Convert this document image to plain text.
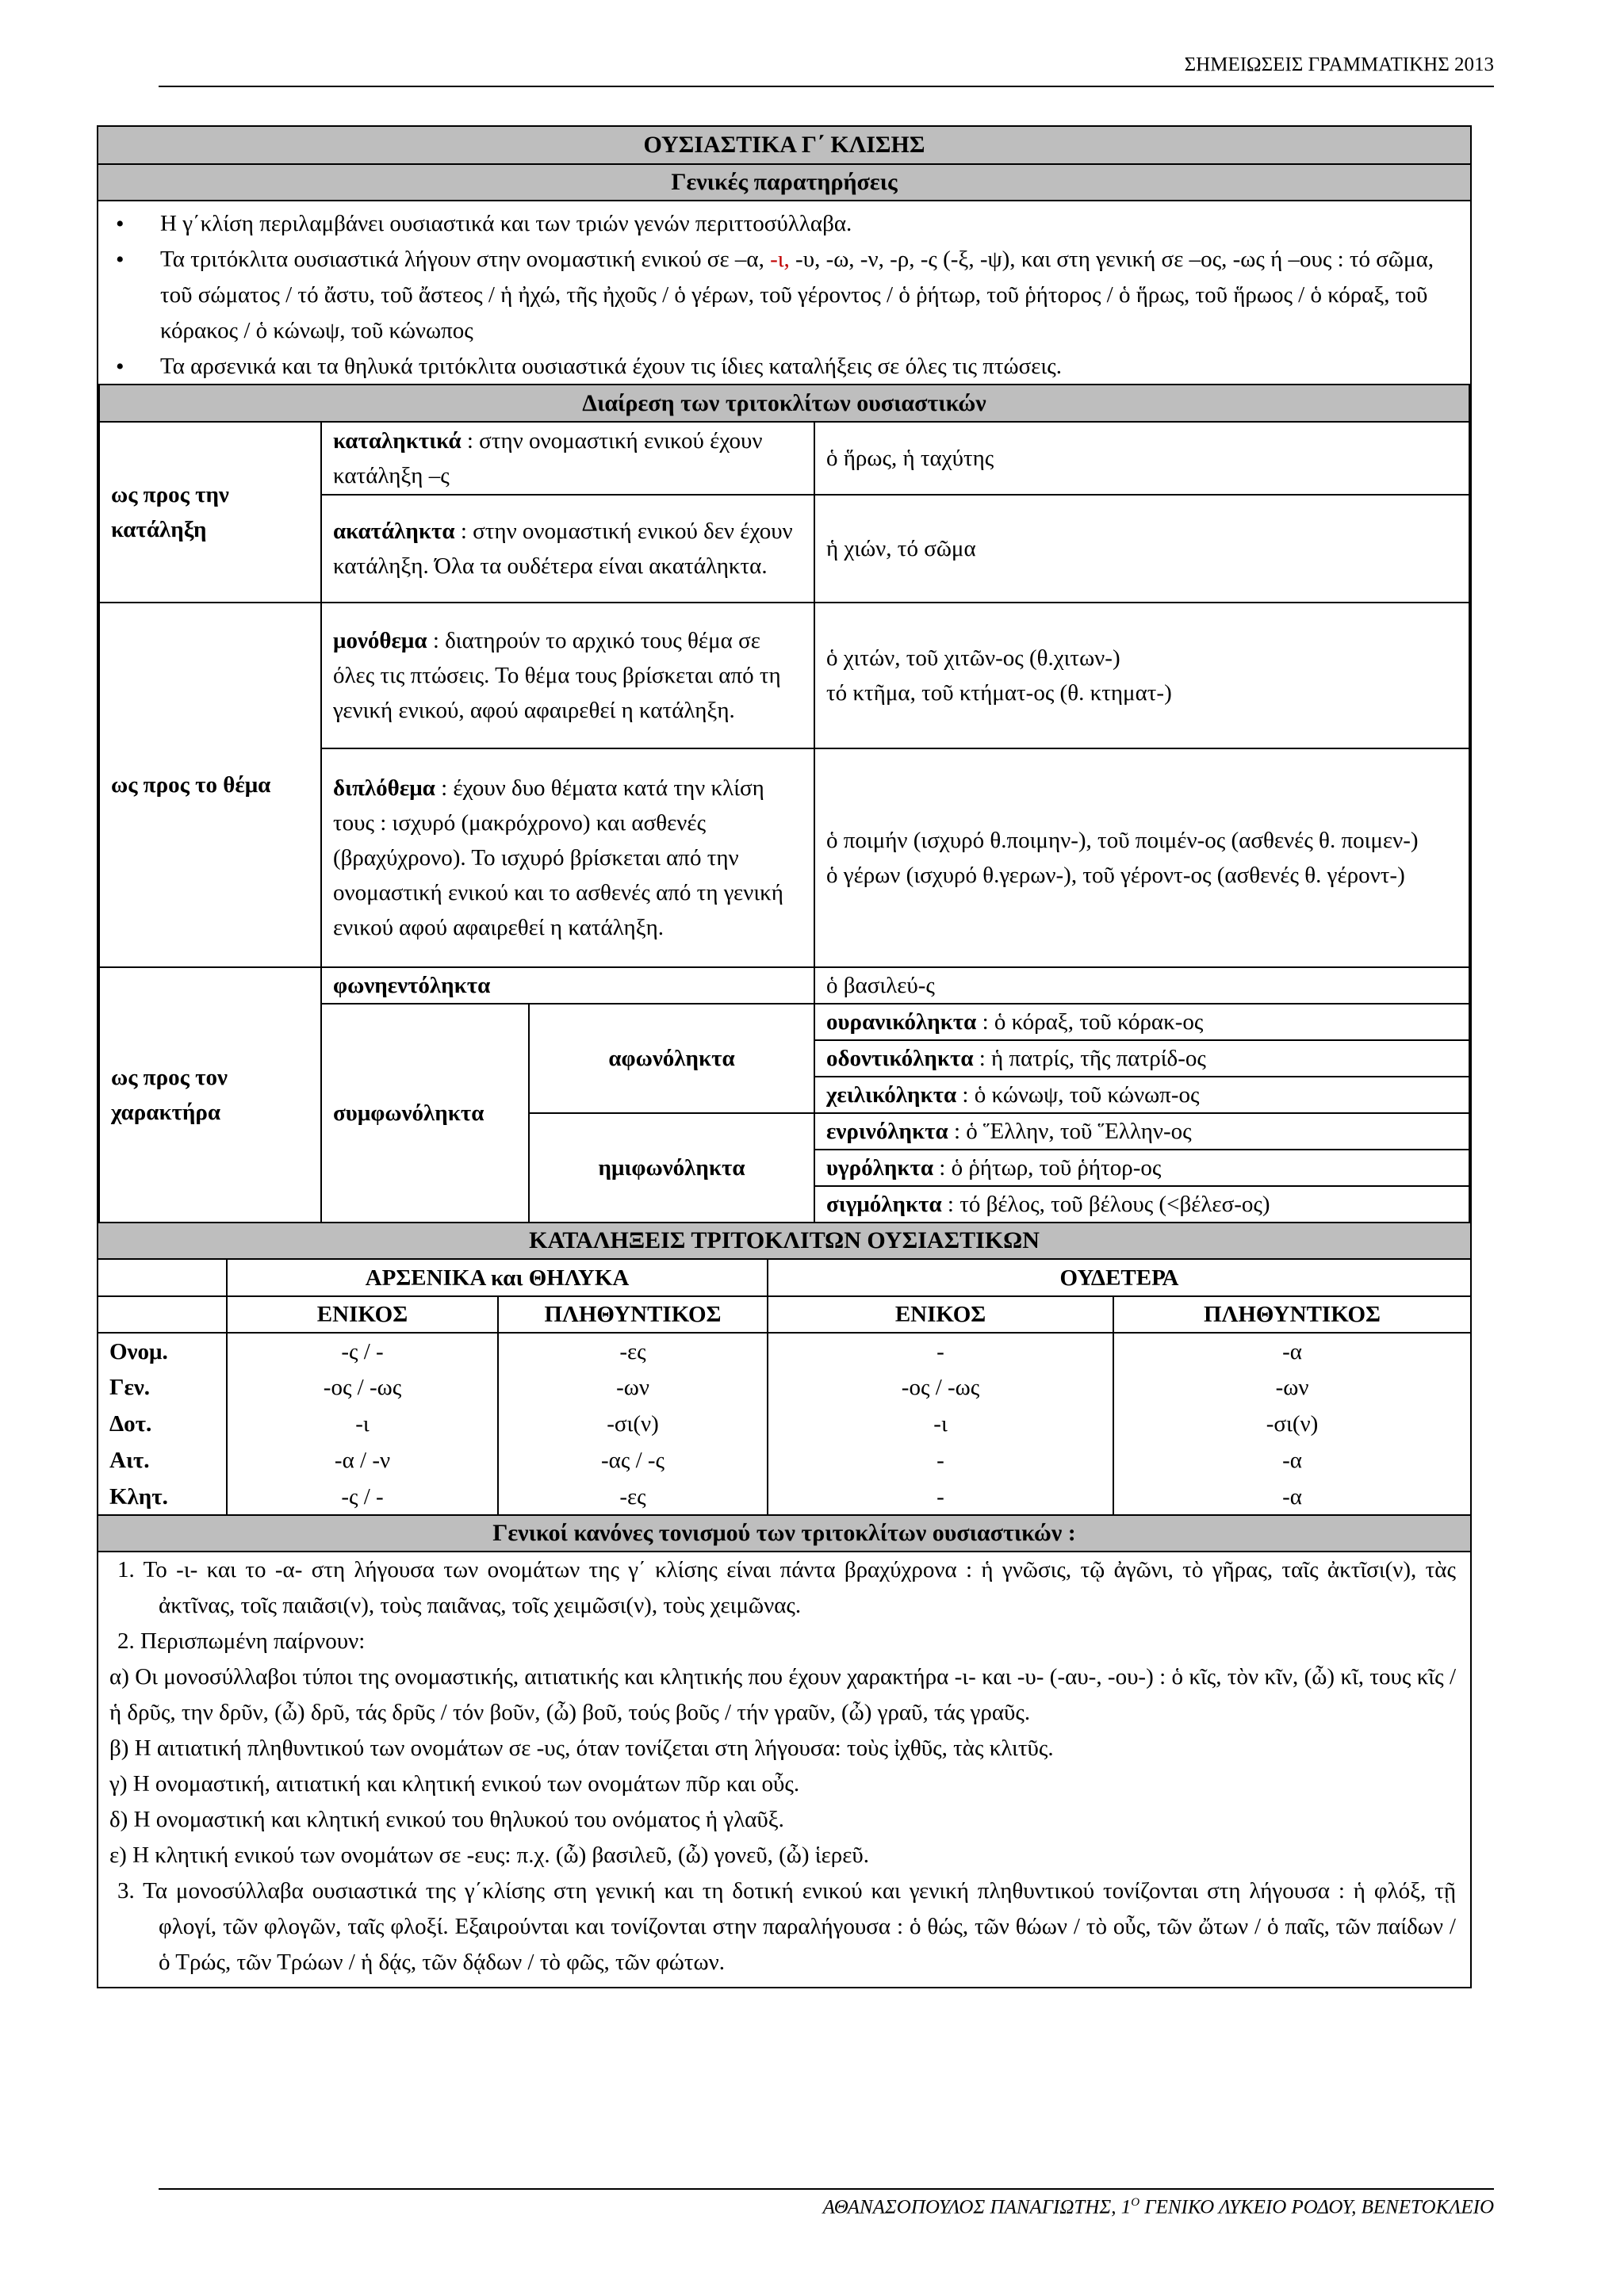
ΣΗΜΕΙΩΣΕΙΣ ΓΡΑΜΜΑΤΙΚΗΣ 2013
ΟΥΣΙΑΣΤΙΚΑ Γ΄ ΚΛΙΣΗΣ
Γενικές παρατηρήσεις
• Η γ΄κλίση περιλαμβάνει ουσιαστικά και των τριών γενών περιττοσύλλαβα.
• Τα τριτόκλιτα ουσιαστικά λήγουν στην ονομαστική ενικού σε –α, -ι, -υ, -ω, -ν, -ρ, -ς (-ξ, -ψ), και στη γενική σε –ος, -ως ή –ους : τό σῶμα, τοῦ σώματος / τό ἄστυ, τοῦ ἄστεος / ἡ ἠχώ, τῆς ἠχοῦς / ὁ γέρων, τοῦ γέροντος / ὁ ῥήτωρ, τοῦ ῥήτορος / ὁ ἥρως, τοῦ ἥρωος / ὁ κόραξ, τοῦ κόρακος / ὁ κώνωψ, τοῦ κώνωπος
• Τα αρσενικά και τα θηλυκά τριτόκλιτα ουσιαστικά έχουν τις ίδιες καταλήξεις σε όλες τις πτώσεις.
Διαίρεση των τριτοκλίτων ουσιαστικών			
ως προς την κατάληξη	καταληκτικά : στην ονομαστική ενικού έχουν κατάληξη –ς		ὁ ἥρως, ἡ ταχύτης
	ακατάληκτα : στην ονομαστική ενικού δεν έχουν κατάληξη. Όλα τα ουδέτερα είναι ακατάληκτα.		ἡ χιών, τό σῶμα
ως προς το θέμα	μονόθεμα : διατηρούν το αρχικό τους θέμα σε όλες τις πτώσεις. Το θέμα τους βρίσκεται από τη γενική ενικού, αφού αφαιρεθεί η κατάληξη.		ὁ χιτών, τοῦ χιτῶν-ος (θ.χιτων-)
τό κτῆμα, τοῦ κτήματ-ος (θ. κτηματ-)

	διπλόθεμα : έχουν δυο θέματα κατά την κλίση τους : ισχυρό (μακρόχρονο) και ασθενές (βραχύχρονο). Το ισχυρό βρίσκεται από την ονομαστική ενικού και το ασθενές από τη γενική ενικού αφού αφαιρεθεί η κατάληξη.		ὁ ποιμήν (ισχυρό θ.ποιμην-), τοῦ ποιμέν-ος (ασθενές θ. ποιμεν-)
ὁ γέρων (ισχυρό θ.γερων-), τοῦ γέροντ-ος (ασθενές θ. γέροντ-)

ως προς τον χαρακτήρα	φωνηεντόληκτα		ὁ βασιλεύ-ς
	συμφωνόληκτα	αφωνόληκτα	ουρανικόληκτα : ὁ κόραξ, τοῦ κόρακ-ος
			οδοντικόληκτα : ἡ πατρίς, τῆς πατρίδ-ος
			χειλικόληκτα : ὁ κώνωψ, τοῦ κώνωπ-ος
		ημιφωνόληκτα	ενρινόληκτα : ὁ Ἕλλην, τοῦ Ἕλλην-ος
			υγρόληκτα : ὁ ῥήτωρ, τοῦ ῥήτορ-ος
			σιγμόληκτα : τό βέλος, τοῦ βέλους (<βέλεσ-ος)
ΚΑΤΑΛΗΞΕΙΣ ΤΡΙΤΟΚΛΙΤΩΝ ΟΥΣΙΑΣΤΙΚΩΝ
	ΑΡΣΕΝΙΚΑ και ΘΗΛΥΚΑ		ΟΥΔΕΤΕΡΑ	
	ΕΝΙΚΟΣ	ΠΛΗΘΥΝΤΙΚΟΣ	ΕΝΙΚΟΣ	ΠΛΗΘΥΝΤΙΚΟΣ
Ονομ.	-ς / -	-ες	-	-α
Γεν.	-ος / -ως	-ων	-ος / -ως	-ων
Δοτ.	-ι	-σι(ν)	-ι	-σι(ν)
Αιτ.	-α / -ν	-ας / -ς	-	-α
Κλητ.	-ς / -	-ες	-	-α
Γενικοί κανόνες τονισμού των τριτοκλίτων ουσιαστικών :

1. Το -ι- και το -α- στη λήγουσα των ονομάτων της γ΄ κλίσης είναι πάντα βραχύχρονα : ἡ γνῶσις, τῷ ἀγῶνι, τὸ γῆρας, ταῖς ἀκτῖσι(ν), τὰς ἀκτῖνας, τοῖς παιᾶσι(ν), τοὺς παιᾶνας, τοῖς χειμῶσι(ν), τοὺς χειμῶνας.

2. Περισπωμένη παίρνουν:

α) Οι μονοσύλλαβοι τύποι της ονομαστικής, αιτιατικής και κλητικής που έχουν χαρακτήρα -ι- και -υ- (-αυ-, -ου-) : ὁ κῖς, τὸν κῖν, (ὦ) κῖ, τους κῖς / ἡ δρῦς, την δρῦν, (ὦ) δρῦ, τάς δρῦς / τόν βοῦν, (ὦ) βοῦ, τούς βοῦς / τήν γραῦν, (ὦ) γραῦ, τάς γραῦς.

β) Η αιτιατική πληθυντικού των ονομάτων σε -υς, όταν τονίζεται στη λήγουσα: τοὺς ἰχθῦς, τὰς κλιτῦς.

γ) Η ονομαστική, αιτιατική και κλητική ενικού των ονομάτων πῦρ και οὖς.

δ) Η ονομαστική και κλητική ενικού του θηλυκού του ονόματος ἡ γλαῦξ.

ε) Η κλητική ενικού των ονομάτων σε -ευς: π.χ. (ὦ) βασιλεῦ, (ὦ) γονεῦ, (ὦ) ἱερεῦ.

3. Τα μονοσύλλαβα ουσιαστικά της γ΄κλίσης στη γενική και τη δοτική ενικού και γενική πληθυντικού τονίζονται στη λήγουσα : ἡ φλόξ, τῇ φλογί, τῶν φλογῶν, ταῖς φλοξί. Εξαιρούνται και τονίζονται στην παραλήγουσα : ὁ θώς, τῶν θώων / τὸ οὖς, τῶν ὤτων / ὁ παῖς, τῶν παίδων / ὁ Τρώς, τῶν Τρώων / ἡ δᾴς, τῶν δᾴδων / τὸ φῶς, τῶν φώτων.

ΑΘΑΝΑΣΟΠΟΥΛΟΣ ΠΑΝΑΓΙΩΤΗΣ, $1^O$ ΓΕΝΙΚΟ ΛΥΚΕΙΟ ΡΟΔΟΥ, ΒΕΝΕΤΟΚΛΕΙΟ
